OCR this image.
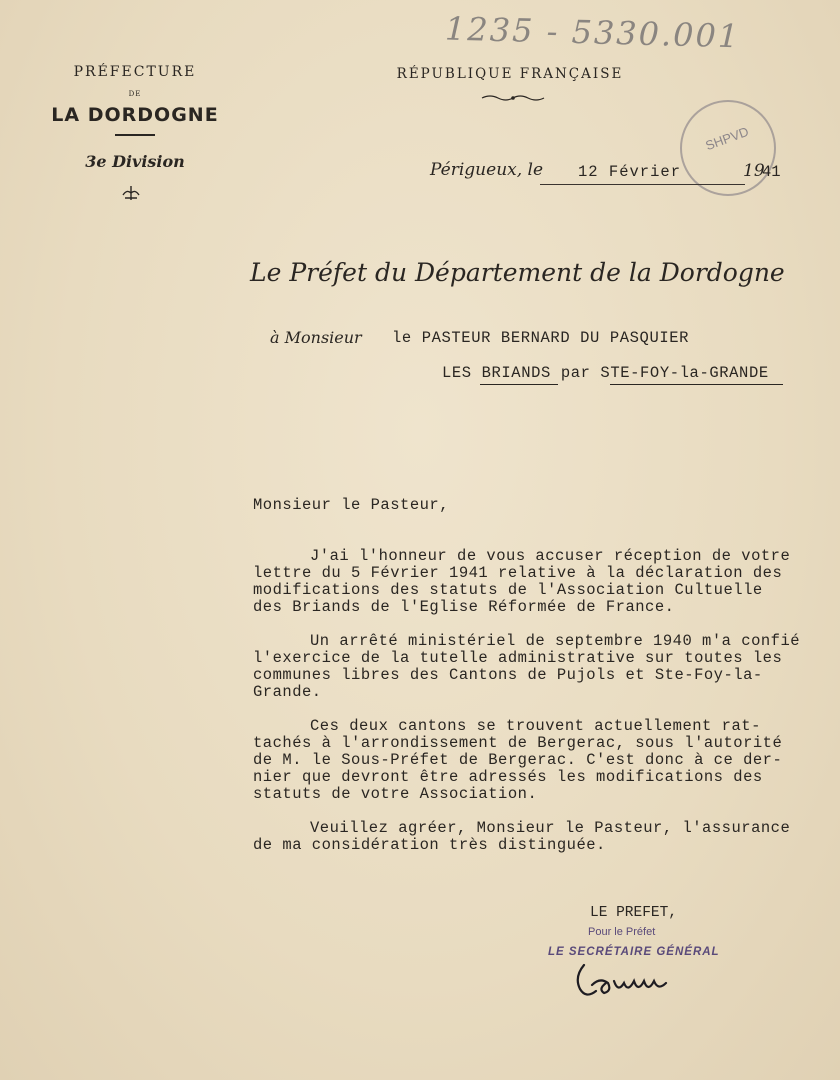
1235 - 5330.001
PRÉFECTURE
DE
LA DORDOGNE
3e Division
RÉPUBLIQUE FRANÇAISE
SHPVD
Périgueux, le 12 Février	19
41
Le Préfet du Département de la Dordogne
à Monsieur le PASTEUR BERNARD DU PASQUIER
LES BRIANDS par STE-FOY-la-GRANDE
Monsieur le Pasteur,
J'ai l'honneur de vous accuser réception de votre
lettre du 5 Février 1941 relative à la déclaration des
modifications des statuts de l'Association Cultuelle
des Briands de l'Eglise Réformée de France.
Un arrêté ministériel de septembre 1940 m'a confié
l'exercice de la tutelle administrative sur toutes les
communes libres des Cantons de Pujols et Ste-Foy-la-
Grande.
Ces deux cantons se trouvent actuellement rat-
tachés à l'arrondissement de Bergerac, sous l'autorité
de M. le Sous-Préfet de Bergerac. C'est donc à ce der-
nier que devront être adressés les modifications des
statuts de votre Association.
Veuillez agréer, Monsieur le Pasteur, l'assurance
de ma considération très distinguée.
LE PREFET,
Pour le Préfet
LE SECRÉTAIRE GÉNÉRAL
